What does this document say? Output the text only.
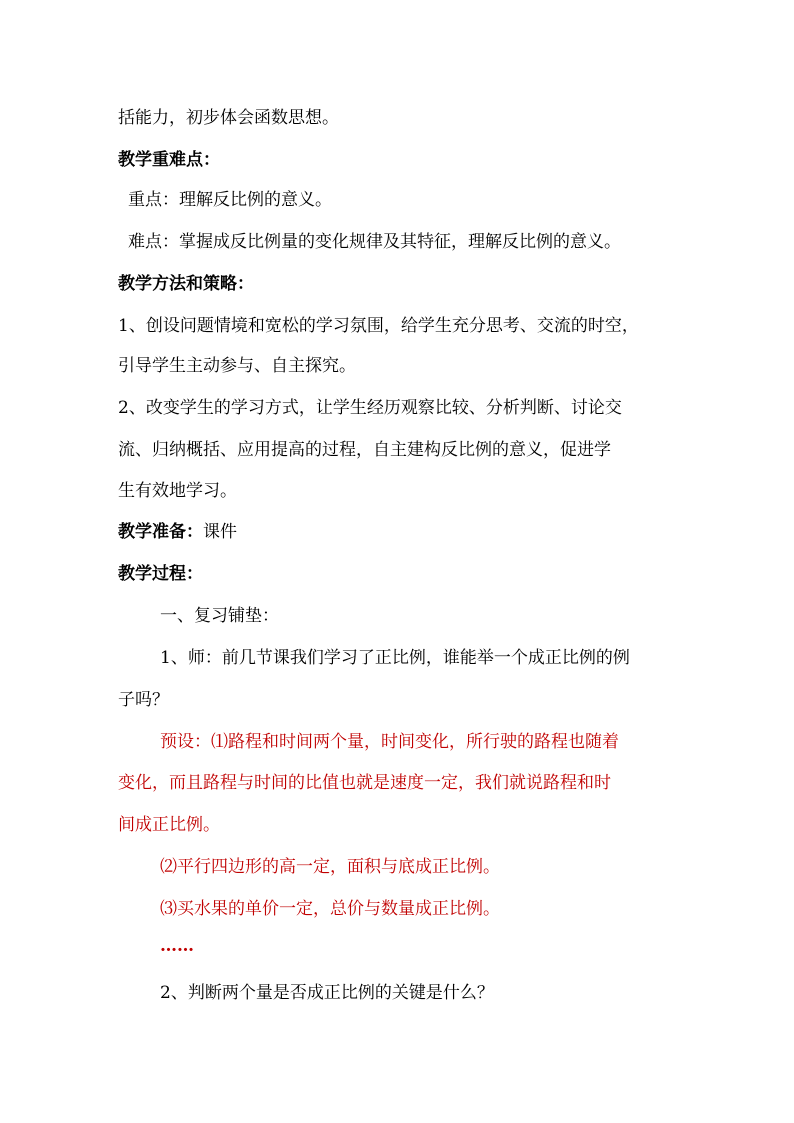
括能力，初步体会函数思想。
教学重难点：
重点：理解反比例的意义。
难点：掌握成反比例量的变化规律及其特征，理解反比例的意义。
教学方法和策略：
1、创设问题情境和宽松的学习氛围，给学生充分思考、交流的时空，
引导学生主动参与、自主探究。
2、改变学生的学习方式，让学生经历观察比较、分析判断、讨论交
流、归纳概括、应用提高的过程，自主建构反比例的意义，促进学
生有效地学习。
教学准备：课件
教学过程：
一、复习铺垫：
1、师：前几节课我们学习了正比例，谁能举一个成正比例的例
子吗？
预设：⑴路程和时间两个量，时间变化，所行驶的路程也随着
变化，而且路程与时间的比值也就是速度一定，我们就说路程和时
间成正比例。
⑵平行四边形的高一定，面积与底成正比例。
⑶买水果的单价一定，总价与数量成正比例。
……
2、判断两个量是否成正比例的关键是什么？
